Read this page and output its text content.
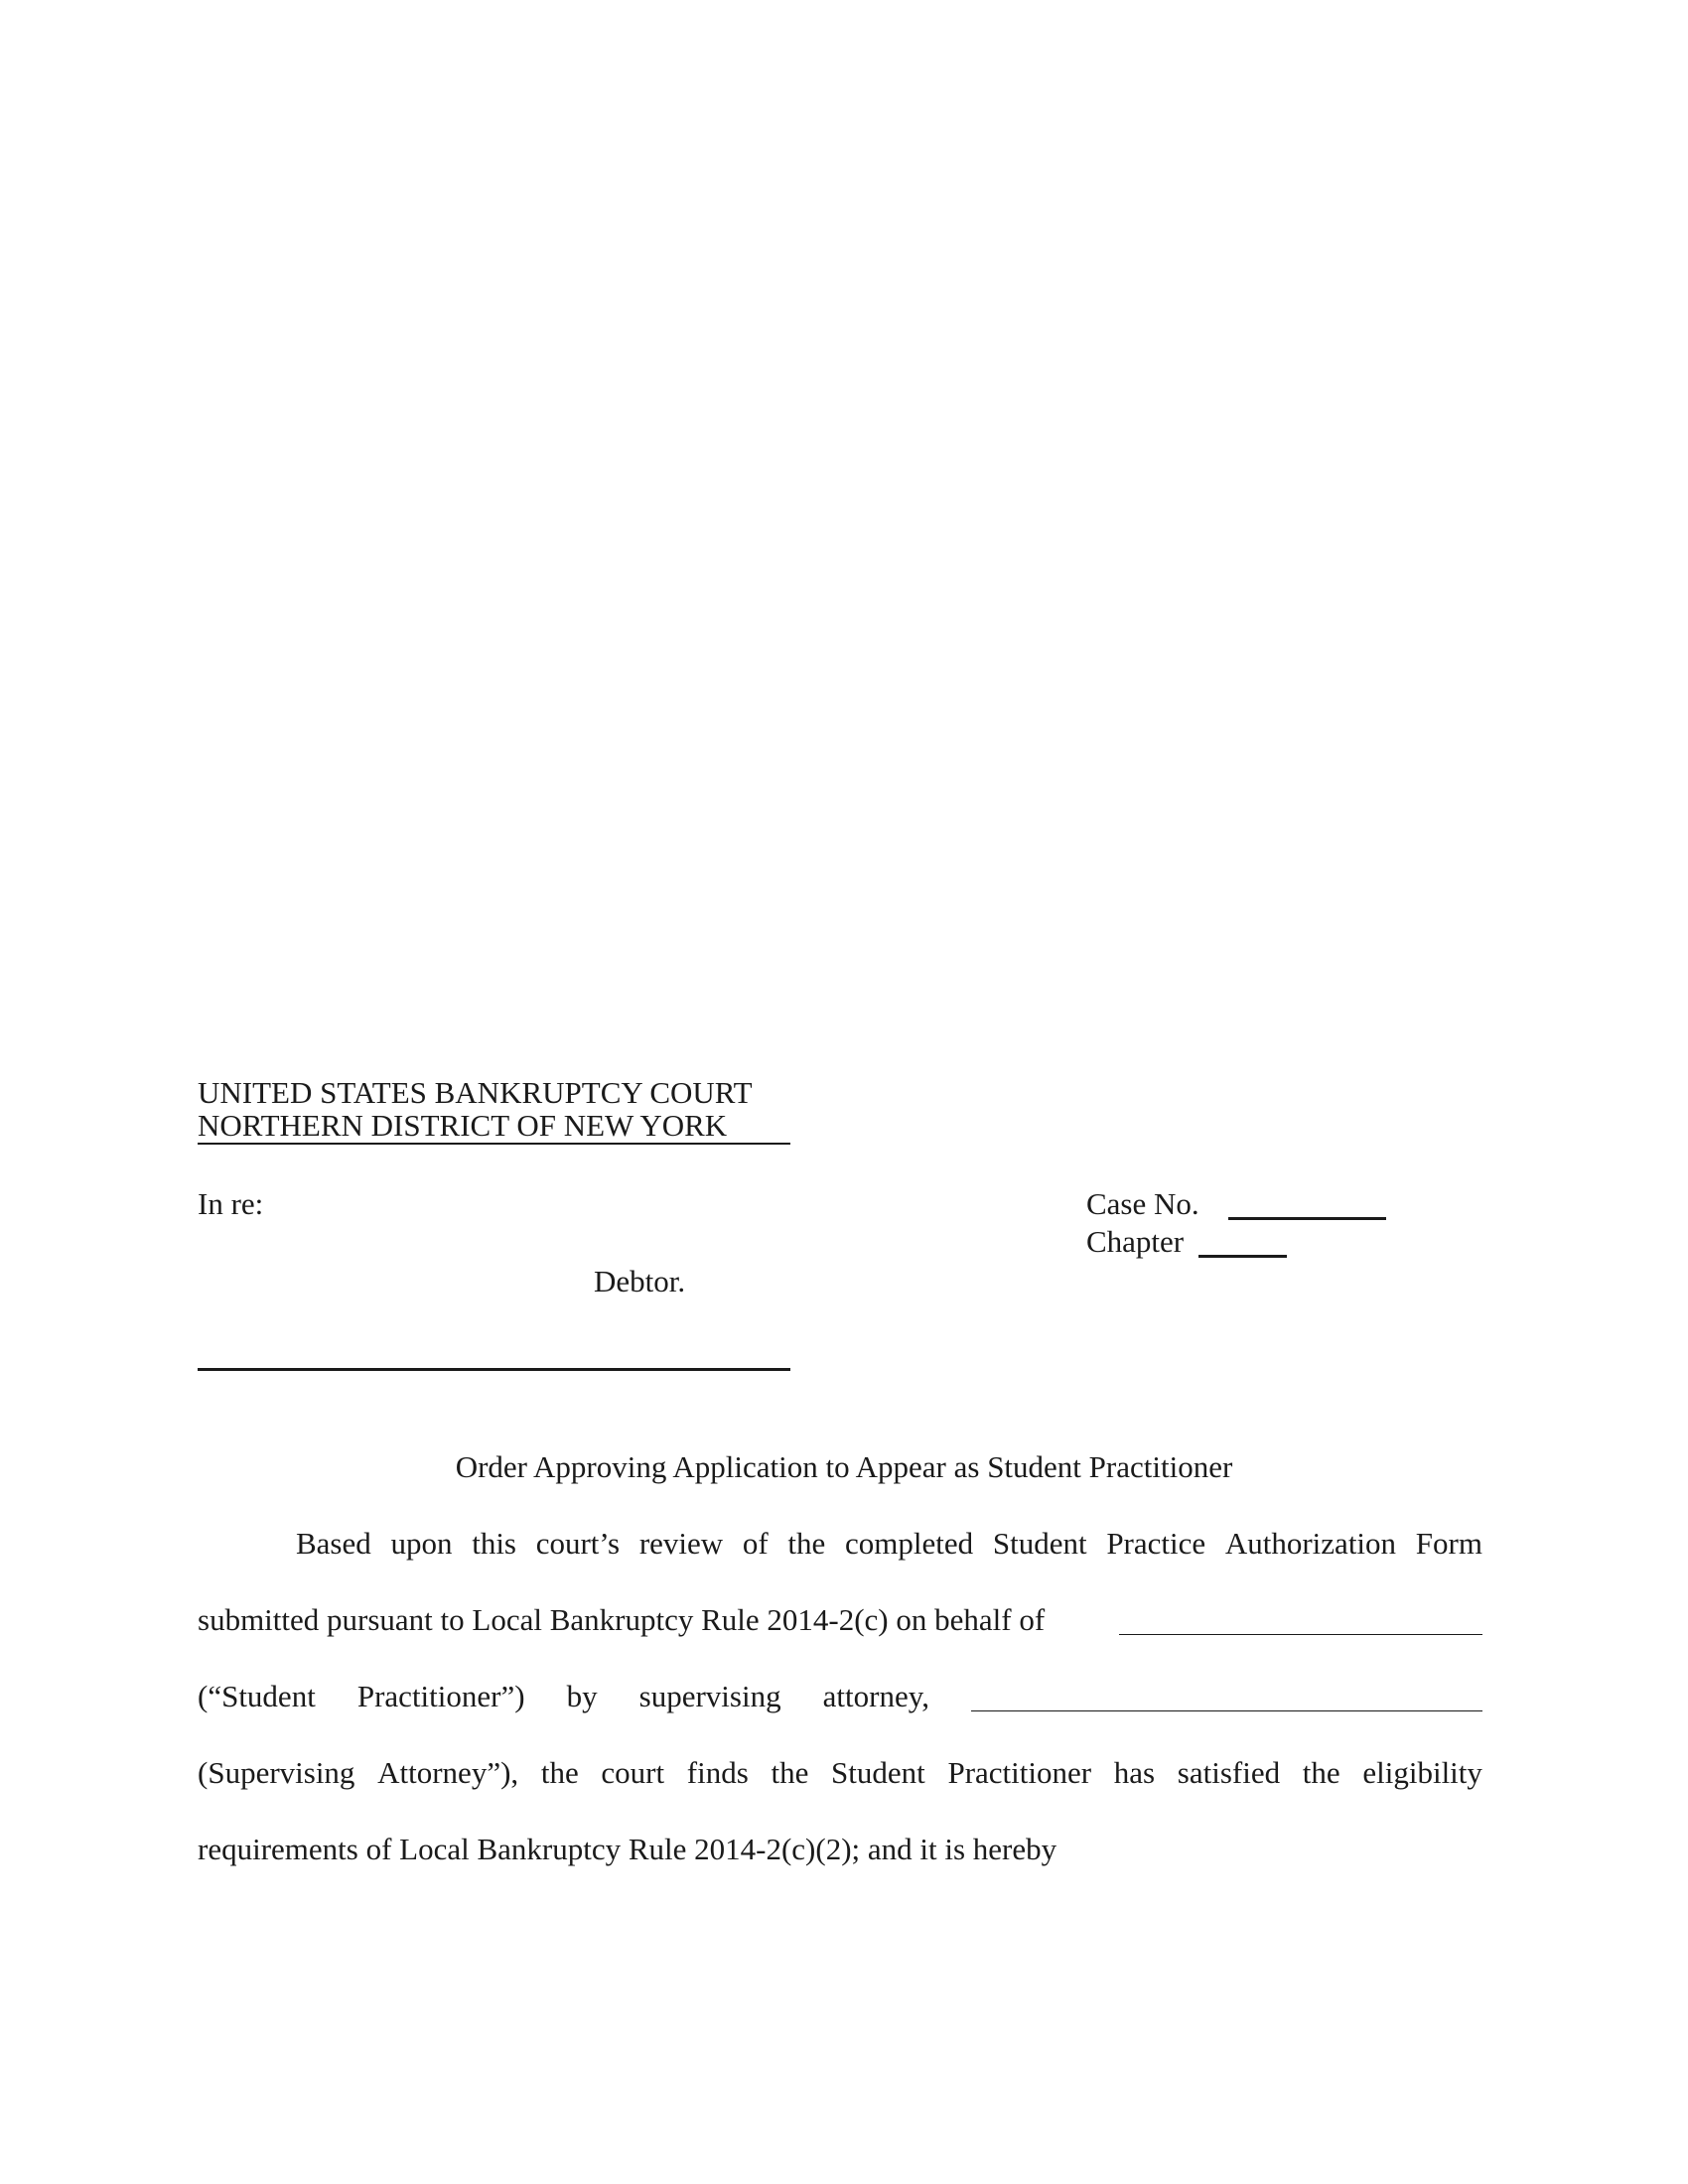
UNITED STATES BANKRUPTCY COURT
NORTHERN DISTRICT OF NEW YORK
In re:
Debtor.
Case No.
Chapter
Order Approving Application to Appear as Student Practitioner
Based upon this court’s review of the completed Student Practice Authorization Form
submitted pursuant to Local Bankruptcy Rule 2014-2(c) on behalf of
(“Student Practitioner”) by supervising attorney,
(Supervising Attorney”), the court finds the Student Practitioner has satisfied the eligibility
requirements of Local Bankruptcy Rule 2014-2(c)(2); and it is hereby
